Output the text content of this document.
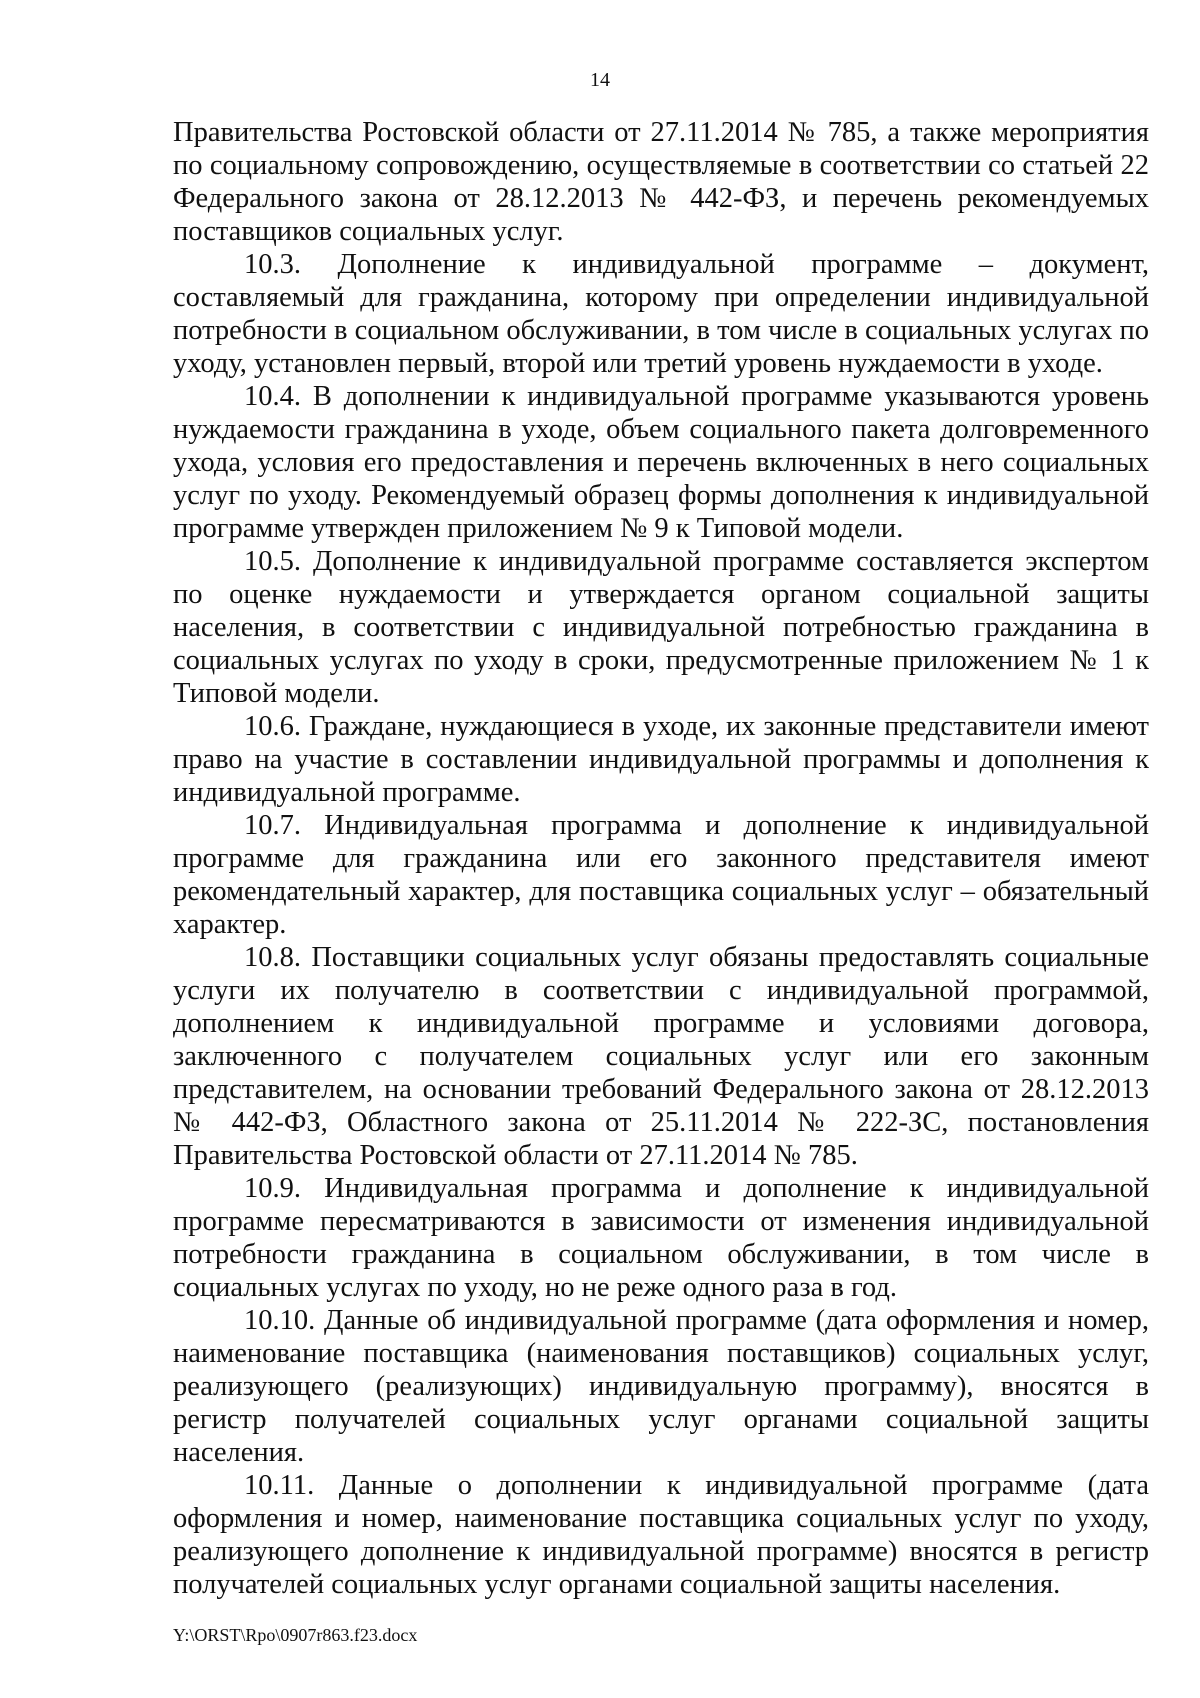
14

Правительства Ростовской области от 27.11.2014 № 785, а также мероприятия по социальному сопровождению, осуществляемые в соответствии со статьей 22 Федерального закона от 28.12.2013 № 442-ФЗ, и перечень рекомендуемых поставщиков социальных услуг.

10.3. Дополнение к индивидуальной программе – документ, составляемый для гражданина, которому при определении индивидуальной потребности в социальном обслуживании, в том числе в социальных услугах по уходу, установлен первый, второй или третий уровень нуждаемости в уходе.

10.4. В дополнении к индивидуальной программе указываются уровень нуждаемости гражданина в уходе, объем социального пакета долговременного ухода, условия его предоставления и перечень включенных в него социальных услуг по уходу. Рекомендуемый образец формы дополнения к индивидуальной программе утвержден приложением № 9 к Типовой модели.

10.5. Дополнение к индивидуальной программе составляется экспертом по оценке нуждаемости и утверждается органом социальной защиты населения, в соответствии с индивидуальной потребностью гражданина в социальных услугах по уходу в сроки, предусмотренные приложением № 1 к Типовой модели.

10.6. Граждане, нуждающиеся в уходе, их законные представители имеют право на участие в составлении индивидуальной программы и дополнения к индивидуальной программе.

10.7. Индивидуальная программа и дополнение к индивидуальной программе для гражданина или его законного представителя имеют рекомендательный характер, для поставщика социальных услуг – обязательный характер.

10.8. Поставщики социальных услуг обязаны предоставлять социальные услуги их получателю в соответствии с индивидуальной программой, дополнением к индивидуальной программе и условиями договора, заключенного с получателем социальных услуг или его законным представителем, на основании требований Федерального закона от 28.12.2013 № 442-ФЗ, Областного закона от 25.11.2014 № 222-ЗС, постановления Правительства Ростовской области от 27.11.2014 № 785.

10.9. Индивидуальная программа и дополнение к индивидуальной программе пересматриваются в зависимости от изменения индивидуальной потребности гражданина в социальном обслуживании, в том числе в социальных услугах по уходу, но не реже одного раза в год.

10.10. Данные об индивидуальной программе (дата оформления и номер, наименование поставщика (наименования поставщиков) социальных услуг, реализующего (реализующих) индивидуальную программу), вносятся в регистр получателей социальных услуг органами социальной защиты населения.

10.11. Данные о дополнении к индивидуальной программе (дата оформления и номер, наименование поставщика социальных услуг по уходу, реализующего дополнение к индивидуальной программе) вносятся в регистр получателей социальных услуг органами социальной защиты населения.

Y:\ORST\Rpo\0907r863.f23.docx
